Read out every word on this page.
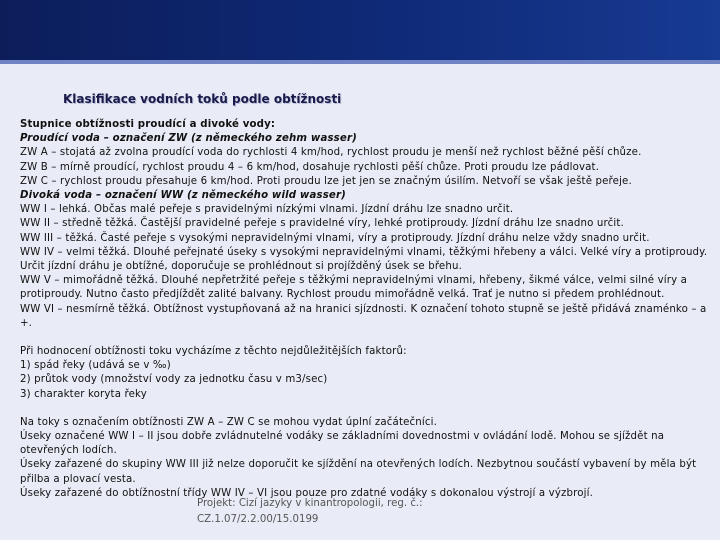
Klasifikace vodních toků podle obtížnosti

Stupnice obtížnosti proudící a divoké vody:

Proudící voda – označení ZW (z německého zehm wasser)

ZW A – stojatá až zvolna proudící voda do rychlosti 4 km/hod, rychlost proudu je menší než rychlost běžné pěší chůze.

ZW B – mírně proudící, rychlost proudu 4 – 6 km/hod, dosahuje rychlosti pěší chůze. Proti proudu lze pádlovat.

ZW C – rychlost proudu přesahuje 6 km/hod. Proti proudu lze jet jen se značným úsilím. Netvoří se však ještě peřeje.

Divoká voda – označení WW (z německého wild wasser)

WW I – lehká. Občas malé peřeje s pravidelnými nízkými vlnami. Jízdní dráhu lze snadno určit.

WW II – středně těžká. Častější pravidelné peřeje s pravidelné víry, lehké protiproudy. Jízdní dráhu lze snadno určit.

WW III – těžká. Časté peřeje s vysokými nepravidelnými vlnami, víry a protiproudy. Jízdní dráhu nelze vždy snadno určit.

WW IV – velmi těžká. Dlouhé peřejnaté úseky s vysokými nepravidelnými vlnami, těžkými hřebeny a válci. Velké víry a protiproudy. Určit jízdní dráhu je obtížné, doporučuje se prohlédnout si projížděný úsek se břehu.

WW V – mimořádně těžká. Dlouhé nepřetržité peřeje s těžkými nepravidelnými vlnami, hřebeny, šikmé válce, velmi silné víry a protiproudy. Nutno často předjíždět zalité balvany. Rychlost proudu mimořádně velká. Trať je nutno si předem prohlédnout.

WW VI – nesmírně těžká. Obtížnost vystupňovaná až na hranici sjízdnosti. K označení tohoto stupně se ještě přidává znaménko – a +.

Při hodnocení obtížnosti toku vycházíme z těchto nejdůležitějších faktorů:

1) spád řeky (udává se v ‰)

2) průtok vody (množství vody za jednotku času v m3/sec)

3) charakter koryta řeky

Na toky s označením obtížnosti ZW A – ZW C se mohou vydat úplní začátečníci.

Úseky označené WW I – II jsou dobře zvládnutelné vodáky se základními dovednostmi v ovládání lodě. Mohou se sjíždět na otevřených lodích.

Úseky zařazené do skupiny WW III již nelze doporučit ke sjíždění na otevřených lodích. Nezbytnou součástí vybavení by měla být přilba a plovací vesta.

Úseky zařazené do obtížnostní třídy WW IV – VI jsou pouze pro zdatné vodáky s dokonalou výstrojí a výzbrojí.

Projekt: Cizí jazyky v kinantropologii, reg. č.:
CZ.1.07/2.2.00/15.0199
